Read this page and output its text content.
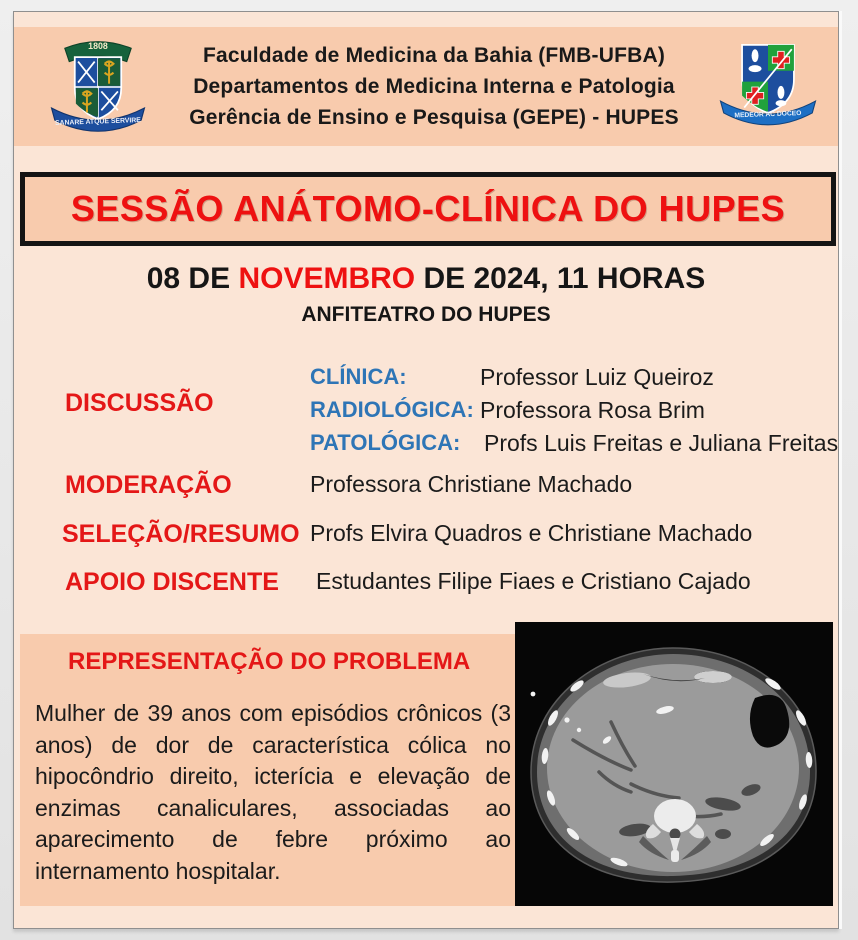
1808
SANARE ATQUE SERVIRE
Faculdade de Medicina da Bahia (FMB-UFBA)
Departamentos de Medicina Interna e Patologia
Gerência de Ensino e Pesquisa (GEPE) - HUPES	MEDEOR AC DOCEO
SESSÃO ANÁTOMO-CLÍNICA DO HUPES
08 DE NOVEMBRO DE 2024, 11 HORAS
ANFITEATRO DO HUPES
DISCUSSÃO
CLÍNICA:	Professor Luiz Queiroz
RADIOLÓGICA: Professora Rosa Brim
PATOLÓGICA: Profs Luis Freitas e Juliana Freitas
MODERAÇÃO	Professora Christiane Machado
SELEÇÃO/RESUMO Profs Elvira Quadros e Christiane Machado
APOIO DISCENTE Estudantes Filipe Fiaes e Cristiano Cajado
REPRESENTAÇÃO DO PROBLEMA
Mulher de 39 anos com episódios crônicos (3 anos) de dor de característica cólica no hipocôndrio direito, icterícia e elevação de enzimas canaliculares, associadas ao aparecimento de febre próximo ao internamento hospitalar.
